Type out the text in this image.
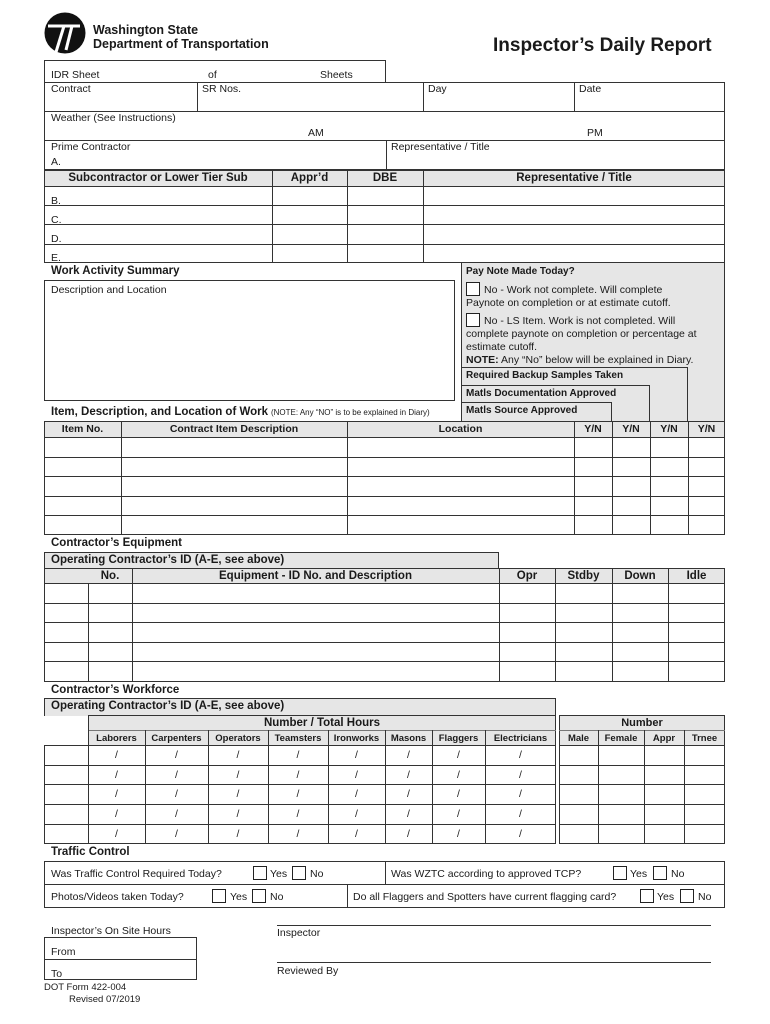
Washington State
Department of Transportation	Inspector’s Daily Report
IDR Sheet	of	Sheets
Contract	SR Nos.	Day	Date
Weather (See Instructions)
AM	PM
Prime Contractor	Representative / Title
A.
Subcontractor or Lower Tier Sub	Appr’d	DBE	Representative / Title
B.
C.
D.
E.
Work Activity Summary
Description and Location
Pay Note Made Today?
No - Work not complete. Will complete
Paynote on completion or at estimate cutoff.
No - LS Item. Work is not completed. Will
complete paynote on completion or percentage at
estimate cutoff.
NOTE: Any “No” below will be explained in Diary.
Required Backup Samples Taken
Matls Documentation Approved
Matls Source Approved
Item, Description, and Location of Work (NOTE: Any “NO” is to be explained in Diary)
Item No.	Contract Item Description	Location	Y/N	Y/N	Y/N	Y/N
Contractor’s Equipment
Operating Contractor’s ID (A-E, see above)
No.	Equipment - ID No. and Description	Opr	Stdby	Down	Idle
Contractor’s Workforce
Operating Contractor’s ID (A-E, see above)
Number / Total Hours	Number
Laborers	Carpenters	Operators	Teamsters	Ironworks	Masons	Flaggers	Electricians	Male	Female	Appr	Trnee
/	/	/	/	/	/	/	/
/	/	/	/	/	/	/	/
/	/	/	/	/	/	/	/
/	/	/	/	/	/	/	/
/	/	/	/	/	/	/	/
Traffic Control
Was Traffic Control Required Today?	Yes No	Was WZTC according to approved TCP?	Yes No
Photos/Videos taken Today?	Yes No	Do all Flaggers and Spotters have current flagging card?	Yes No
Inspector’s On Site Hours
From
To
Inspector
Reviewed By
DOT Form 422-004
Revised 07/2019
